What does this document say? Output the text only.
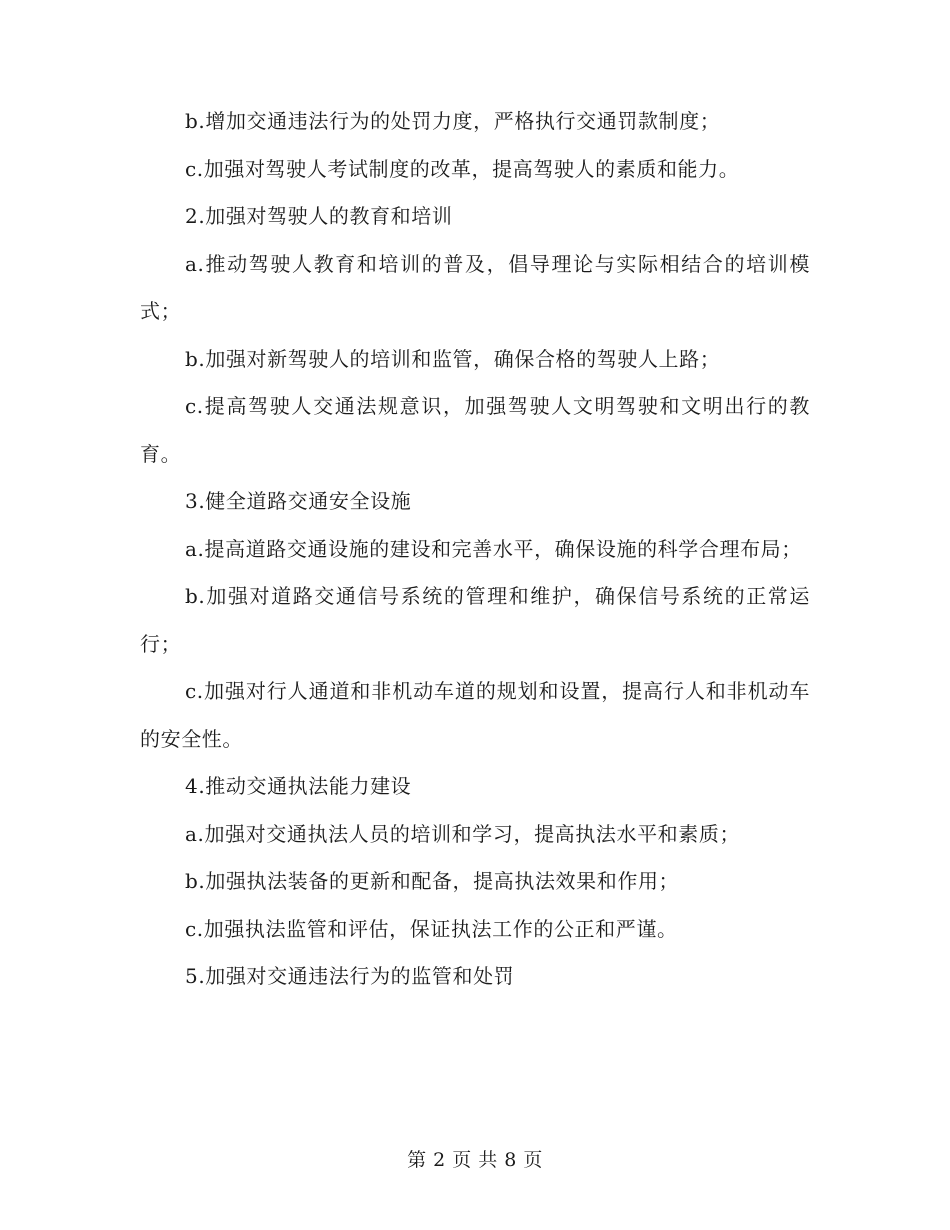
b.增加交通违法行为的处罚力度，严格执行交通罚款制度；

c.加强对驾驶人考试制度的改革，提高驾驶人的素质和能力。

2.加强对驾驶人的教育和培训

a.推动驾驶人教育和培训的普及，倡导理论与实际相结合的培训模式；

b.加强对新驾驶人的培训和监管，确保合格的驾驶人上路；

c.提高驾驶人交通法规意识，加强驾驶人文明驾驶和文明出行的教育。

3.健全道路交通安全设施

a.提高道路交通设施的建设和完善水平，确保设施的科学合理布局；

b.加强对道路交通信号系统的管理和维护，确保信号系统的正常运行；

c.加强对行人通道和非机动车道的规划和设置，提高行人和非机动车的安全性。

4.推动交通执法能力建设

a.加强对交通执法人员的培训和学习，提高执法水平和素质；

b.加强执法装备的更新和配备，提高执法效果和作用；

c.加强执法监管和评估，保证执法工作的公正和严谨。

5.加强对交通违法行为的监管和处罚

第 2 页 共 8 页
